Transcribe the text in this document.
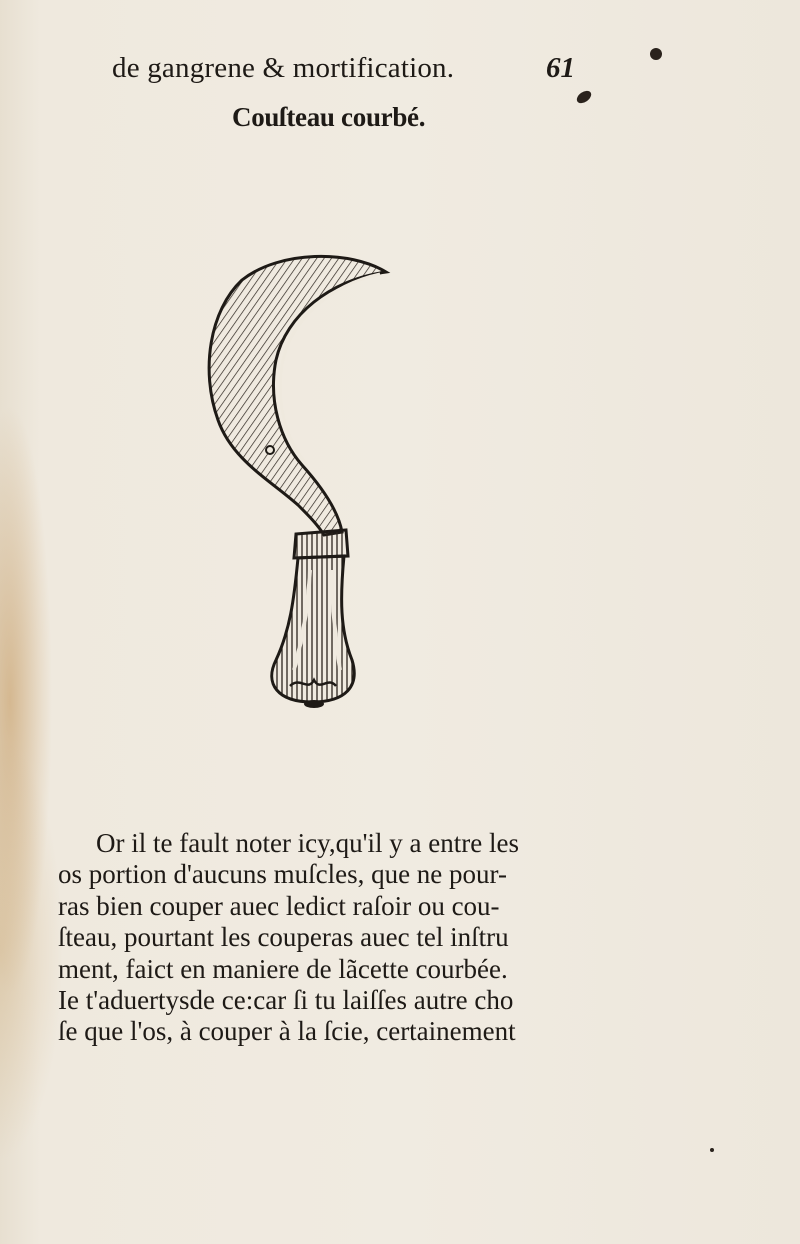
de gangrene & mortification.	61
Couſteau courbé.
Or il te fault noter icy,qu'il y a entre les
os portion d'aucuns muſcles, que ne pour-
ras bien couper auec ledict raſoir ou cou-
ſteau, pourtant les couperas auec tel inſtru
ment, faict en maniere de lãcette courbée.
Ie t'aduertysde ce:car ſi tu laiſſes autre cho
ſe que l'os, à couper à la ſcie, certainement
